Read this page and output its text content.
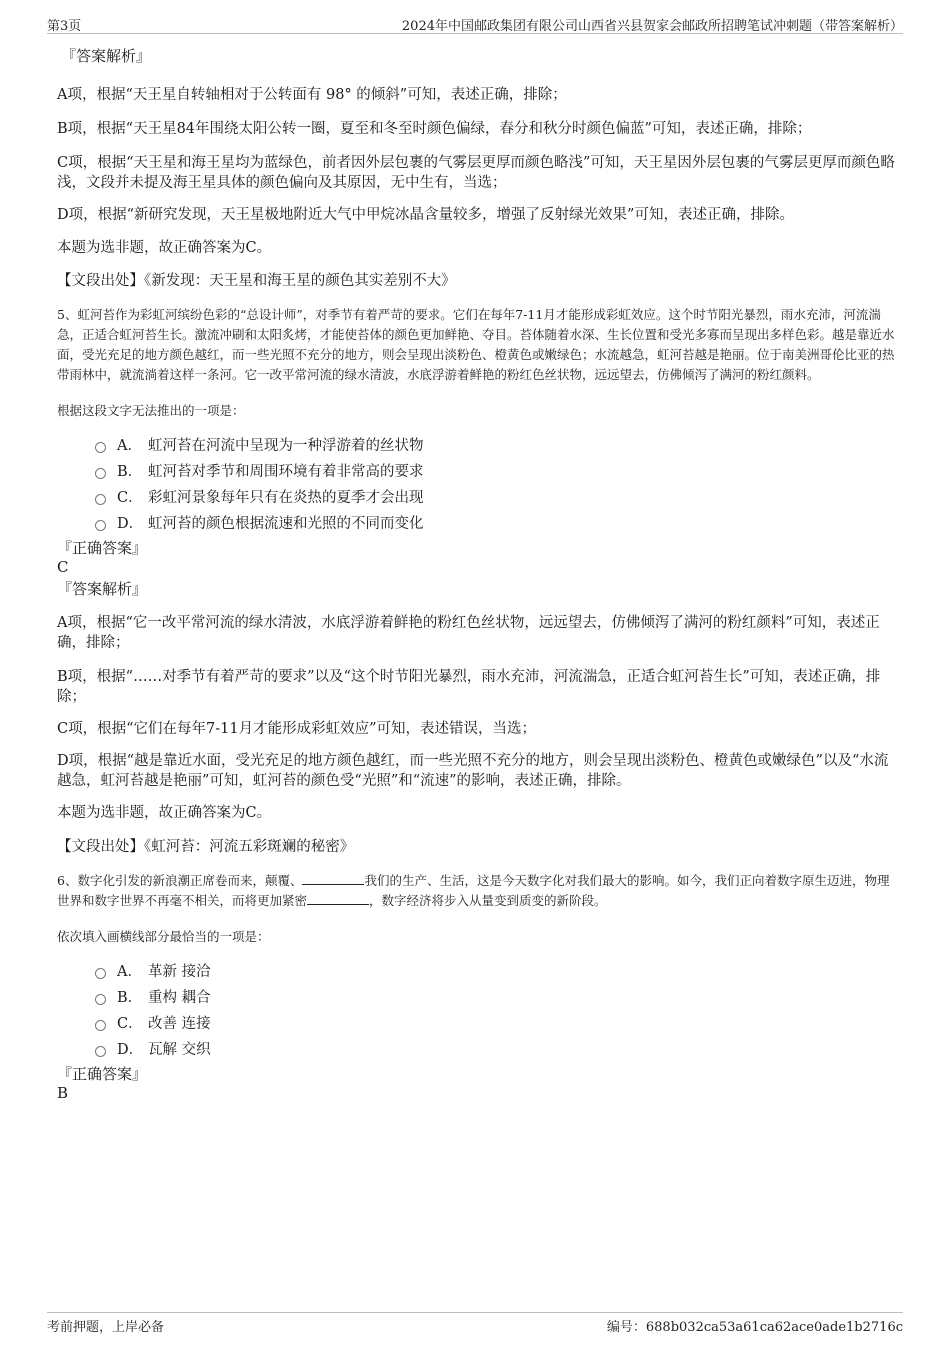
第3页	2024年中国邮政集团有限公司山西省兴县贺家会邮政所招聘笔试冲刺题（带答案解析）

『答案解析』

A项，根据“天王星自转轴相对于公转面有 98° 的倾斜”可知，表述正确，排除；

B项，根据“天王星84年围绕太阳公转一圈，夏至和冬至时颜色偏绿，春分和秋分时颜色偏蓝”可知，表述正确，排除；

C项，根据“天王星和海王星均为蓝绿色，前者因外层包裹的气雾层更厚而颜色略浅”可知，天王星因外层包裹的气雾层更厚而颜色略浅，文段并未提及海王星具体的颜色偏向及其原因，无中生有，当选；

D项，根据“新研究发现，天王星极地附近大气中甲烷冰晶含量较多，增强了反射绿光效果”可知，表述正确，排除。

本题为选非题，故正确答案为C。

【文段出处】《新发现：天王星和海王星的颜色其实差别不大》

5、虹河苔作为彩虹河缤纷色彩的“总设计师”，对季节有着严苛的要求。它们在每年7-11月才能形成彩虹效应。这个时节阳光暴烈，雨水充沛，河流湍急，正适合虹河苔生长。激流冲刷和太阳炙烤，才能使苔体的颜色更加鲜艳、夺目。苔体随着水深、生长位置和受光多寡而呈现出多样色彩。越是靠近水面，受光充足的地方颜色越红，而一些光照不充分的地方，则会呈现出淡粉色、橙黄色或嫩绿色；水流越急，虹河苔越是艳丽。位于南美洲哥伦比亚的热带雨林中，就流淌着这样一条河。它一改平常河流的绿水清波，水底浮游着鲜艳的粉红色丝状物，远远望去，仿佛倾泻了满河的粉红颜料。

根据这段文字无法推出的一项是：

A． 虹河苔在河流中呈现为一种浮游着的丝状物
B． 虹河苔对季节和周围环境有着非常高的要求
C． 彩虹河景象每年只有在炎热的夏季才会出现
D． 虹河苔的颜色根据流速和光照的不同而变化

『正确答案』

C

『答案解析』

A项，根据“它一改平常河流的绿水清波，水底浮游着鲜艳的粉红色丝状物，远远望去，仿佛倾泻了满河的粉红颜料”可知，表述正确，排除；

B项，根据“……对季节有着严苛的要求”以及“这个时节阳光暴烈，雨水充沛，河流湍急，正适合虹河苔生长”可知，表述正确，排除；

C项，根据“它们在每年7-11月才能形成彩虹效应”可知，表述错误，当选；

D项，根据“越是靠近水面，受光充足的地方颜色越红，而一些光照不充分的地方，则会呈现出淡粉色、橙黄色或嫩绿色”以及“水流越急，虹河苔越是艳丽”可知，虹河苔的颜色受“光照”和“流速”的影响，表述正确，排除。

本题为选非题，故正确答案为C。

【文段出处】《虹河苔：河流五彩斑斓的秘密》

6、数字化引发的新浪潮正席卷而来，颠覆、	我们的生产、生活，这是今天数字化对我们最大的影响。如今，我们正向着数字原生迈进，物理世界和数字世界不再毫不相关，而将更加紧密	，数字经济将步入从量变到质变的新阶段。

依次填入画横线部分最恰当的一项是：

A． 革新 接洽
B． 重构 耦合
C． 改善 连接
D． 瓦解 交织

『正确答案』

B

考前押题，上岸必备	编号：688b032ca53a61ca62ace0ade1b2716c
